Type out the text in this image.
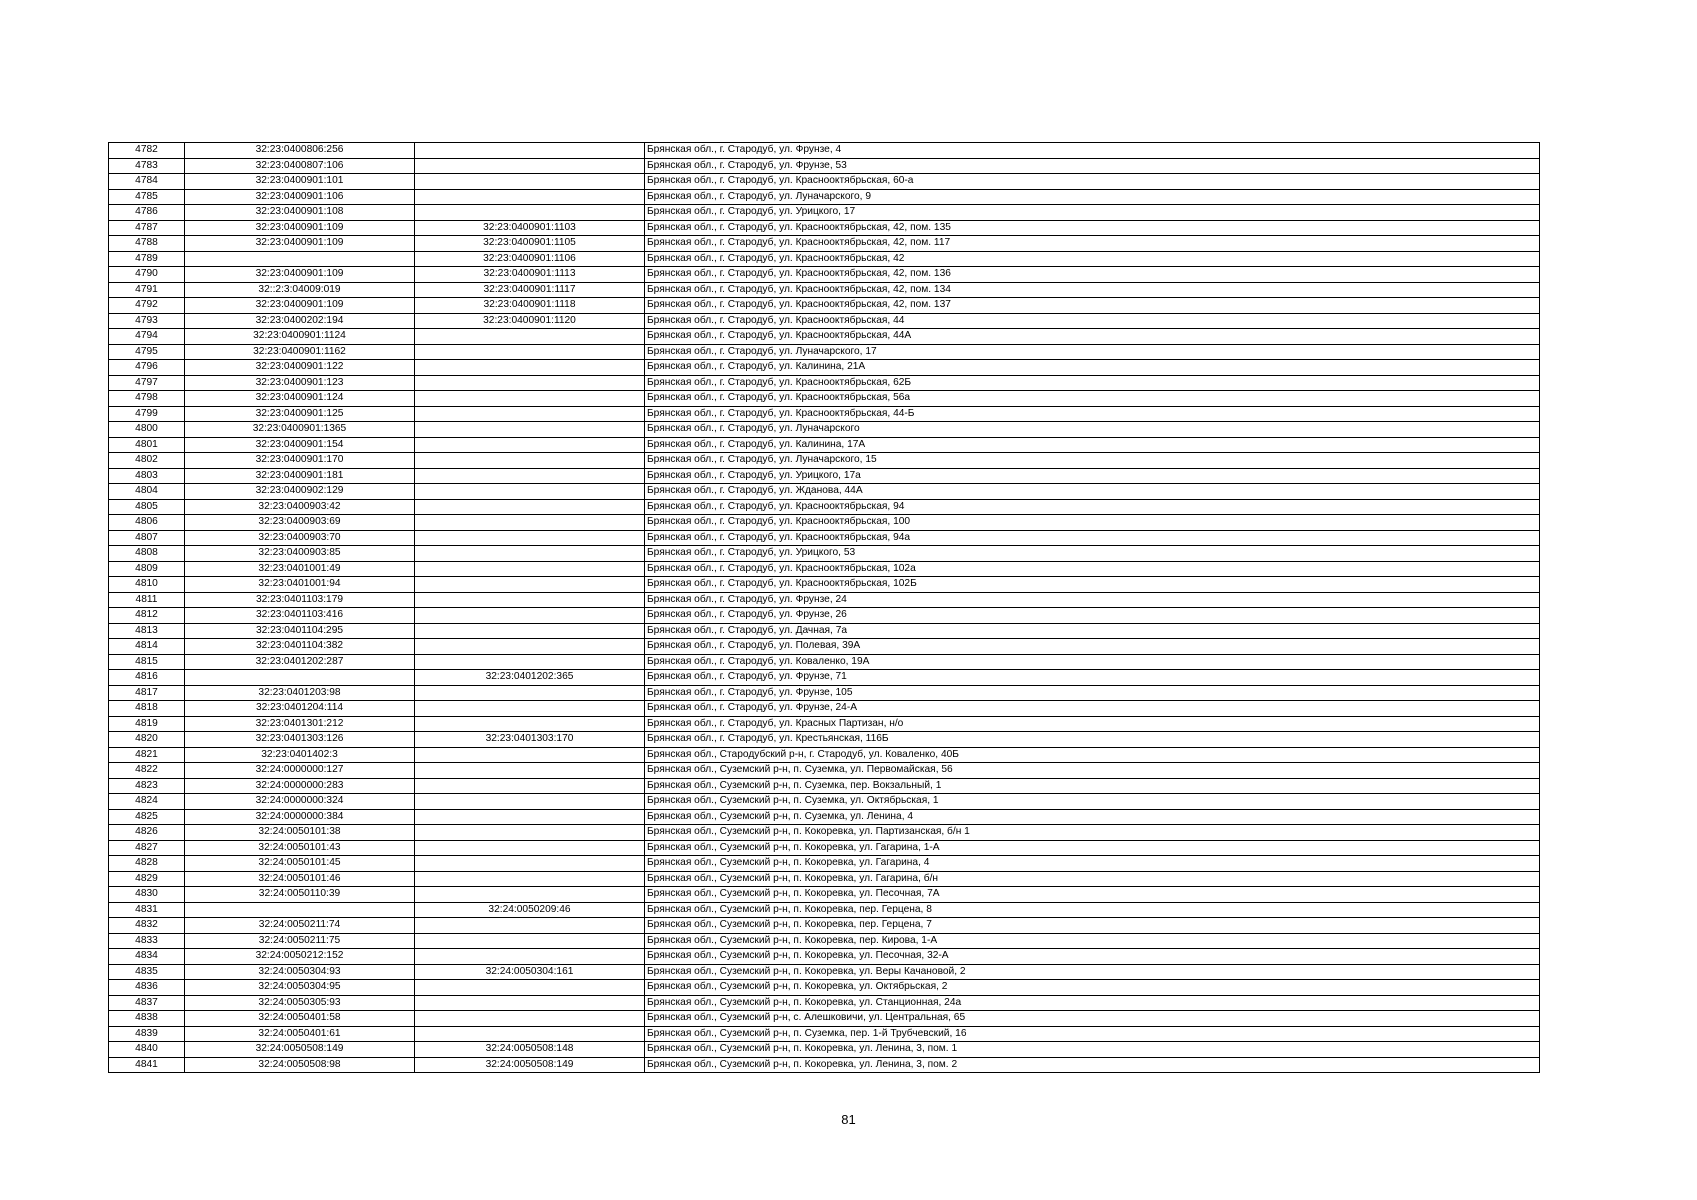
4782	32:23:0400806:256		Брянская обл., г. Стародуб, ул. Фрунзе, 4
4783	32:23:0400807:106		Брянская обл., г. Стародуб, ул. Фрунзе, 53
4784	32:23:0400901:101		Брянская обл., г. Стародуб, ул. Краснооктябрьская, 60-а
4785	32:23:0400901:106		Брянская обл., г. Стародуб, ул. Луначарского, 9
4786	32:23:0400901:108		Брянская обл., г. Стародуб, ул. Урицкого, 17
4787	32:23:0400901:109	32:23:0400901:1103	Брянская обл., г. Стародуб, ул. Краснооктябрьская, 42, пом. 135
4788	32:23:0400901:109	32:23:0400901:1105	Брянская обл., г. Стародуб, ул. Краснооктябрьская, 42, пом. 117
4789		32:23:0400901:1106	Брянская обл., г. Стародуб, ул. Краснооктябрьская, 42
4790	32:23:0400901:109	32:23:0400901:1113	Брянская обл., г. Стародуб, ул. Краснооктябрьская, 42, пом. 136
4791	32::2:3:04009:019	32:23:0400901:1117	Брянская обл., г. Стародуб, ул. Краснооктябрьская, 42, пом. 134
4792	32:23:0400901:109	32:23:0400901:1118	Брянская обл., г. Стародуб, ул. Краснооктябрьская, 42, пом. 137
4793	32:23:0400202:194	32:23:0400901:1120	Брянская обл., г. Стародуб, ул. Краснооктябрьская, 44
4794	32:23:0400901:1124		Брянская обл., г. Стародуб, ул. Краснооктябрьская, 44А
4795	32:23:0400901:1162		Брянская обл., г. Стародуб, ул. Луначарского, 17
4796	32:23:0400901:122		Брянская обл., г. Стародуб, ул. Калинина, 21А
4797	32:23:0400901:123		Брянская обл., г. Стародуб, ул. Краснооктябрьская, 62Б
4798	32:23:0400901:124		Брянская обл., г. Стародуб, ул. Краснооктябрьская, 56а
4799	32:23:0400901:125		Брянская обл., г. Стародуб, ул. Краснооктябрьская, 44-Б
4800	32:23:0400901:1365		Брянская обл., г. Стародуб, ул. Луначарского
4801	32:23:0400901:154		Брянская обл., г. Стародуб, ул. Калинина, 17А
4802	32:23:0400901:170		Брянская обл., г. Стародуб, ул. Луначарского, 15
4803	32:23:0400901:181		Брянская обл., г. Стародуб, ул. Урицкого, 17а
4804	32:23:0400902:129		Брянская обл., г. Стародуб, ул. Жданова, 44А
4805	32:23:0400903:42		Брянская обл., г. Стародуб, ул. Краснооктябрьская, 94
4806	32:23:0400903:69		Брянская обл., г. Стародуб, ул. Краснооктябрьская, 100
4807	32:23:0400903:70		Брянская обл., г. Стародуб, ул. Краснооктябрьская, 94а
4808	32:23:0400903:85		Брянская обл., г. Стародуб, ул. Урицкого, 53
4809	32:23:0401001:49		Брянская обл., г. Стародуб, ул. Краснооктябрьская, 102а
4810	32:23:0401001:94		Брянская обл., г. Стародуб, ул. Краснооктябрьская, 102Б
4811	32:23:0401103:179		Брянская обл., г. Стародуб, ул. Фрунзе, 24
4812	32:23:0401103:416		Брянская обл., г. Стародуб, ул. Фрунзе, 26
4813	32:23:0401104:295		Брянская обл., г. Стародуб, ул. Дачная, 7а
4814	32:23:0401104:382		Брянская обл., г. Стародуб, ул. Полевая, 39А
4815	32:23:0401202:287		Брянская обл., г. Стародуб, ул. Коваленко, 19А
4816		32:23:0401202:365	Брянская обл., г. Стародуб, ул. Фрунзе, 71
4817	32:23:0401203:98		Брянская обл., г. Стародуб, ул. Фрунзе, 105
4818	32:23:0401204:114		Брянская обл., г. Стародуб, ул. Фрунзе, 24-А
4819	32:23:0401301:212		Брянская обл., г. Стародуб, ул. Красных Партизан, н/о
4820	32:23:0401303:126	32:23:0401303:170	Брянская обл., г. Стародуб, ул. Крестьянская, 116Б
4821	32:23:0401402:3		Брянская обл., Стародубский р-н, г. Стародуб, ул. Коваленко, 40Б
4822	32:24:0000000:127		Брянская обл., Суземский р-н, п. Суземка, ул. Первомайская, 56
4823	32:24:0000000:283		Брянская обл., Суземский р-н, п. Суземка, пер. Вокзальный, 1
4824	32:24:0000000:324		Брянская обл., Суземский р-н, п. Суземка, ул. Октябрьская, 1
4825	32:24:0000000:384		Брянская обл., Суземский р-н, п. Суземка, ул. Ленина, 4
4826	32:24:0050101:38		Брянская обл., Суземский р-н, п. Кокоревка, ул. Партизанская, б/н 1
4827	32:24:0050101:43		Брянская обл., Суземский р-н, п. Кокоревка, ул. Гагарина, 1-А
4828	32:24:0050101:45		Брянская обл., Суземский р-н, п. Кокоревка, ул. Гагарина, 4
4829	32:24:0050101:46		Брянская обл., Суземский р-н, п. Кокоревка, ул. Гагарина, б/н
4830	32:24:0050110:39		Брянская обл., Суземский р-н, п. Кокоревка, ул. Песочная, 7А
4831		32:24:0050209:46	Брянская обл., Суземский р-н, п. Кокоревка, пер. Герцена, 8
4832	32:24:0050211:74		Брянская обл., Суземский р-н, п. Кокоревка, пер. Герцена, 7
4833	32:24:0050211:75		Брянская обл., Суземский р-н, п. Кокоревка, пер. Кирова, 1-А
4834	32:24:0050212:152		Брянская обл., Суземский р-н, п. Кокоревка, ул. Песочная, 32-А
4835	32:24:0050304:93	32:24:0050304:161	Брянская обл., Суземский р-н, п. Кокоревка, ул. Веры Качановой, 2
4836	32:24:0050304:95		Брянская обл., Суземский р-н, п. Кокоревка, ул. Октябрьская, 2
4837	32:24:0050305:93		Брянская обл., Суземский р-н, п. Кокоревка, ул. Станционная, 24а
4838	32:24:0050401:58		Брянская обл., Суземский р-н, с. Алешковичи, ул. Центральная, 65
4839	32:24:0050401:61		Брянская обл., Суземский р-н, п. Суземка, пер. 1-й Трубчевский, 16
4840	32:24:0050508:149	32:24:0050508:148	Брянская обл., Суземский р-н, п. Кокоревка, ул. Ленина, 3, пом. 1
4841	32:24:0050508:98	32:24:0050508:149	Брянская обл., Суземский р-н, п. Кокоревка, ул. Ленина, 3, пом. 2
81
